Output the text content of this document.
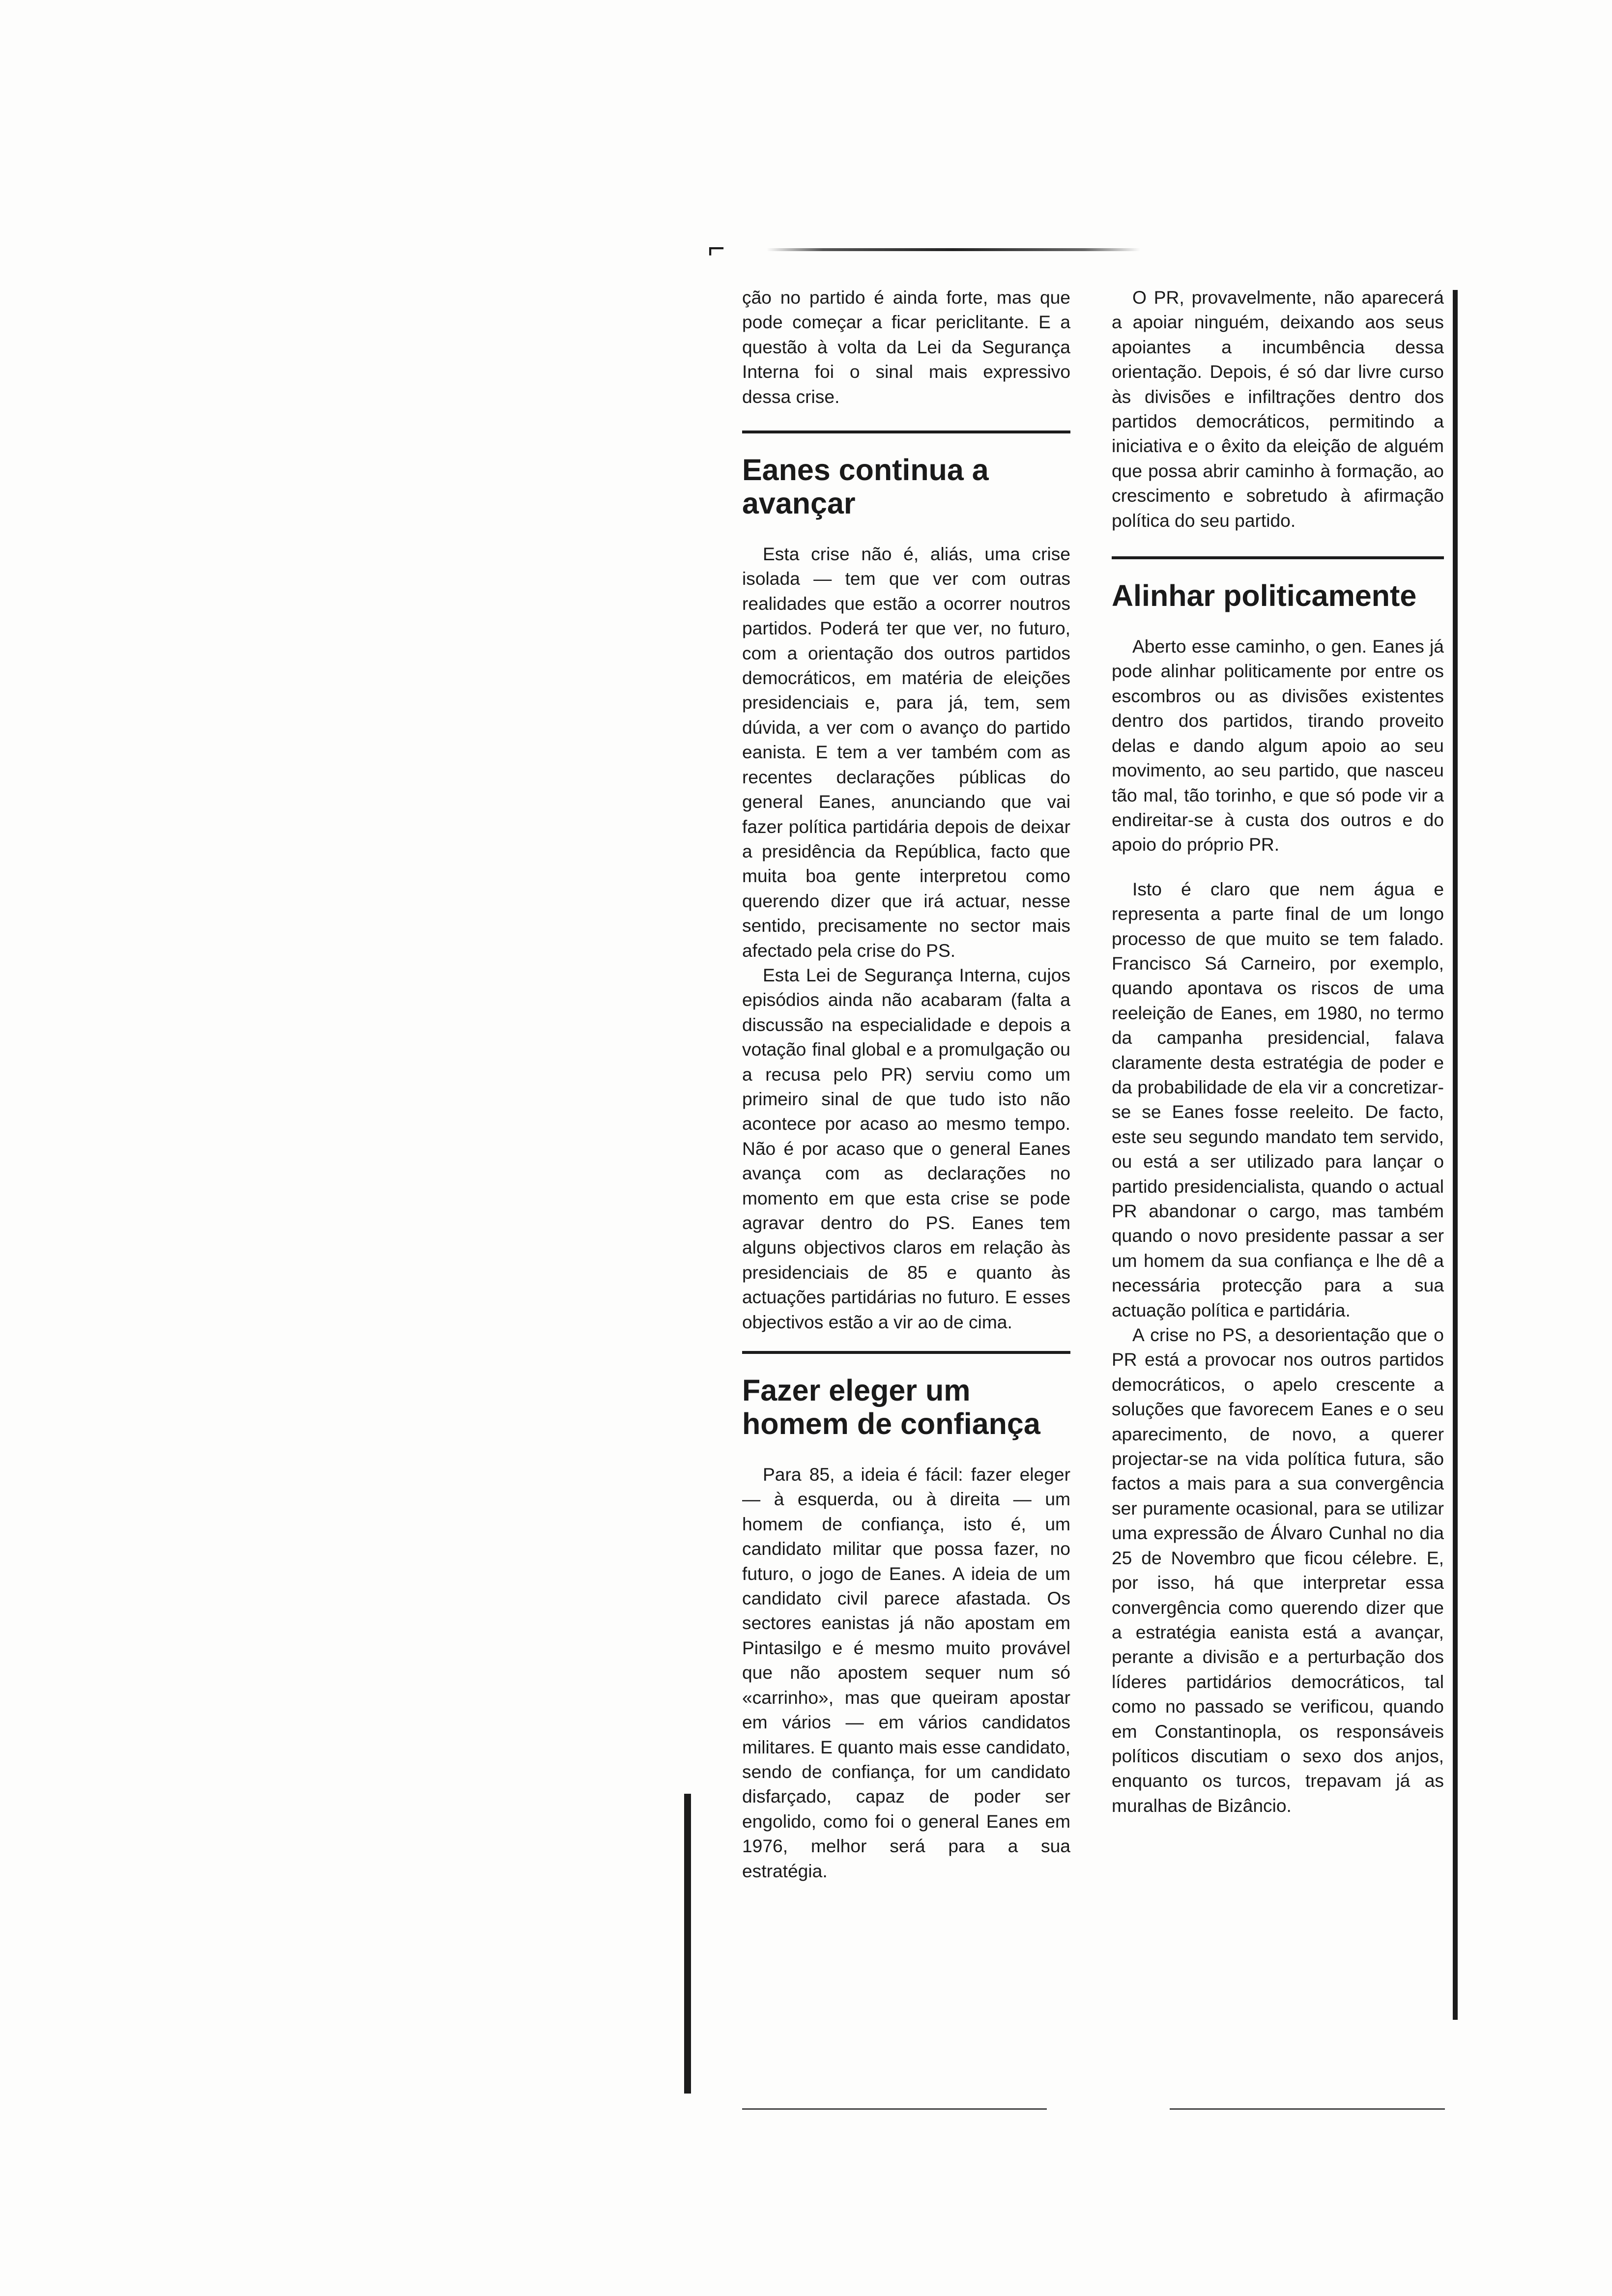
⌐

ção no partido é ainda forte, mas que pode começar a ficar periclitante. E a questão à volta da Lei da Segurança Interna foi o sinal mais expressivo dessa crise.

Eanes continua a avançar

Esta crise não é, aliás, uma crise isolada — tem que ver com outras realidades que estão a ocorrer noutros partidos. Poderá ter que ver, no futuro, com a orientação dos outros partidos democráticos, em matéria de eleições presidenciais e, para já, tem, sem dúvida, a ver com o avanço do partido eanista. E tem a ver também com as recentes declarações públicas do general Eanes, anunciando que vai fazer política partidária depois de deixar a presidência da República, facto que muita boa gente interpretou como querendo dizer que irá actuar, nesse sentido, precisamente no sector mais afectado pela crise do PS.

Esta Lei de Segurança Interna, cujos episódios ainda não acabaram (falta a discussão na especialidade e depois a votação final global e a promulgação ou a recusa pelo PR) serviu como um primeiro sinal de que tudo isto não acontece por acaso ao mesmo tempo. Não é por acaso que o general Eanes avança com as declarações no momento em que esta crise se pode agravar dentro do PS. Eanes tem alguns objectivos claros em relação às presidenciais de 85 e quanto às actuações partidárias no futuro. E esses objectivos estão a vir ao de cima.

Fazer eleger um homem de confiança

Para 85, a ideia é fácil: fazer eleger — à esquerda, ou à direita — um homem de confiança, isto é, um candidato militar que possa fazer, no futuro, o jogo de Eanes. A ideia de um candidato civil parece afastada. Os sectores eanistas já não apostam em Pintasilgo e é mesmo muito provável que não apostem sequer num só «carrinho», mas que queiram apostar em vários — em vários candidatos militares. E quanto mais esse candidato, sendo de confiança, for um candidato disfarçado, capaz de poder ser engolido, como foi o general Eanes em 1976, melhor será para a sua estratégia.

O PR, provavelmente, não aparecerá a apoiar ninguém, deixando aos seus apoiantes a incumbência dessa orientação. Depois, é só dar livre curso às divisões e infiltrações dentro dos partidos democráticos, permitindo a iniciativa e o êxito da eleição de alguém que possa abrir caminho à formação, ao crescimento e sobretudo à afirmação política do seu partido.

Alinhar politicamente

Aberto esse caminho, o gen. Eanes já pode alinhar politicamente por entre os escombros ou as divisões existentes dentro dos partidos, tirando proveito delas e dando algum apoio ao seu movimento, ao seu partido, que nasceu tão mal, tão torinho, e que só pode vir a endireitar-se à custa dos outros e do apoio do próprio PR.

Isto é claro que nem água e representa a parte final de um longo processo de que muito se tem falado. Francisco Sá Carneiro, por exemplo, quando apontava os riscos de uma reeleição de Eanes, em 1980, no termo da campanha presidencial, falava claramente desta estratégia de poder e da probabilidade de ela vir a concretizar-se se Eanes fosse reeleito. De facto, este seu segundo mandato tem servido, ou está a ser utilizado para lançar o partido presidencialista, quando o actual PR abandonar o cargo, mas também quando o novo presidente passar a ser um homem da sua confiança e lhe dê a necessária protecção para a sua actuação política e partidária.

A crise no PS, a desorientação que o PR está a provocar nos outros partidos democráticos, o apelo crescente a soluções que favorecem Eanes e o seu aparecimento, de novo, a querer projectar-se na vida política futura, são factos a mais para a sua convergência ser puramente ocasional, para se utilizar uma expressão de Álvaro Cunhal no dia 25 de Novembro que ficou célebre. E, por isso, há que interpretar essa convergência como querendo dizer que a estratégia eanista está a avançar, perante a divisão e a perturbação dos líderes partidários democráticos, tal como no passado se verificou, quando em Constantinopla, os responsáveis políticos discutiam o sexo dos anjos, enquanto os turcos, trepavam já as muralhas de Bizâncio.
